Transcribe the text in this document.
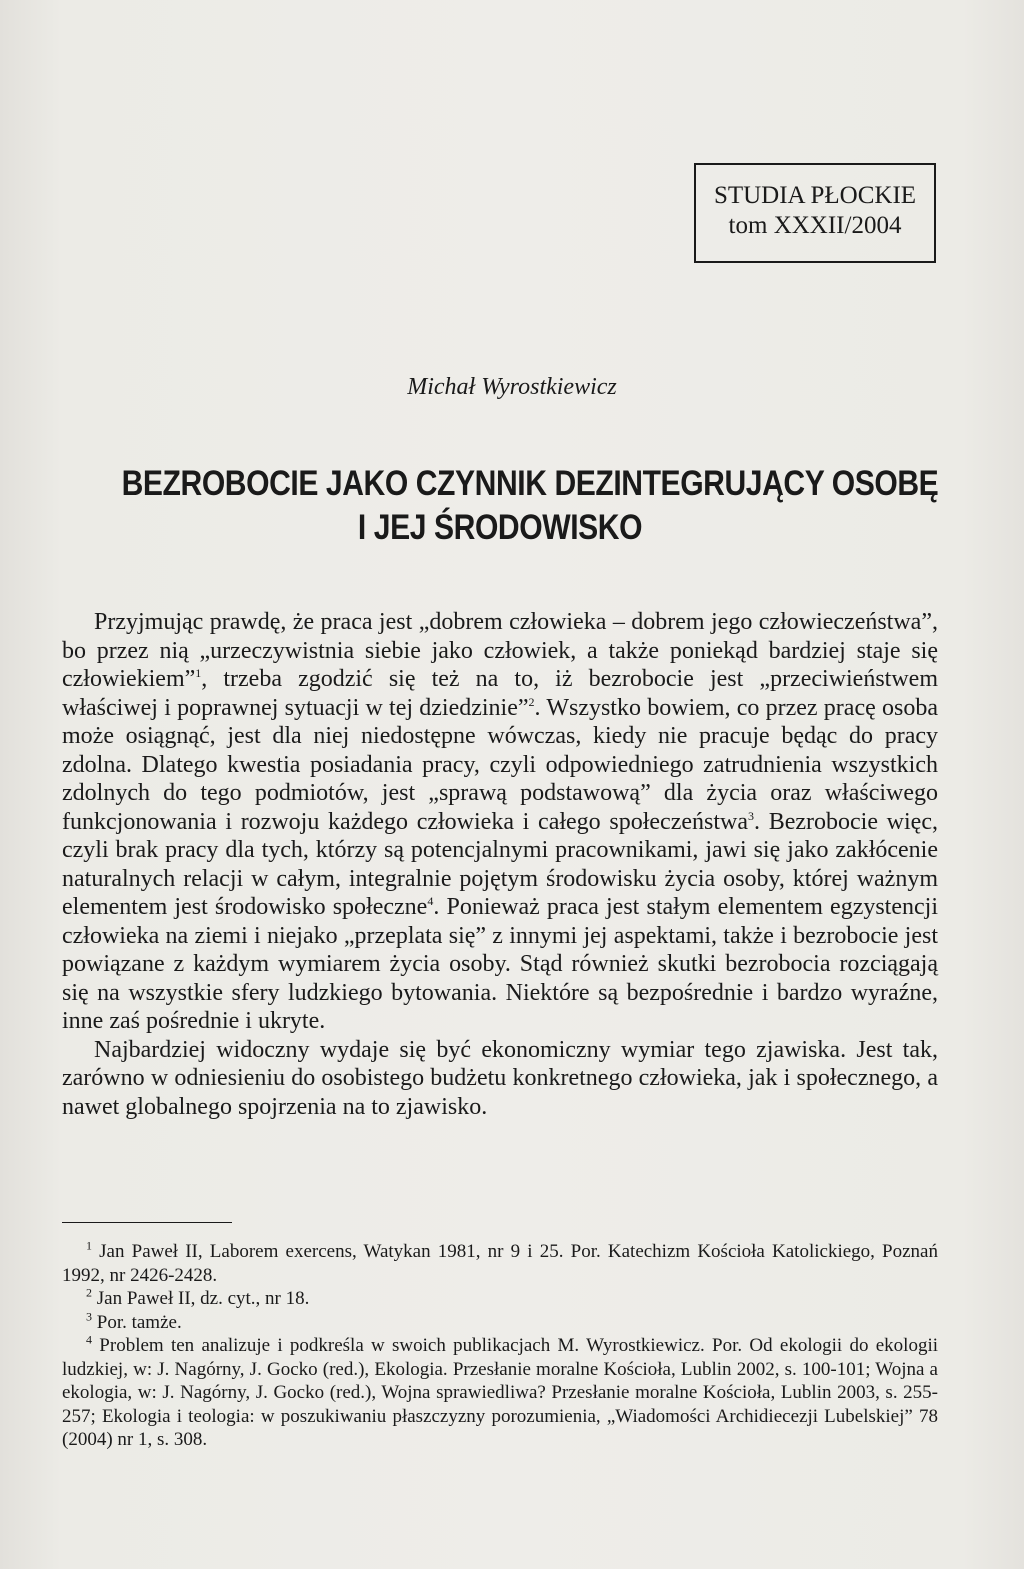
STUDIA PŁOCKIE
tom XXXII/2004
Michał Wyrostkiewicz
BEZROBOCIE JAKO CZYNNIK DEZINTEGRUJĄCY OSOBĘ
I JEJ ŚRODOWISKO

Przyjmując prawdę, że praca jest „dobrem człowieka – dobrem jego człowieczeństwa”, bo przez nią „urzeczywistnia siebie jako człowiek, a także poniekąd bardziej staje się człowiekiem”$^1$, trzeba zgodzić się też na to, iż bezrobocie jest „przeciwieństwem właściwej i poprawnej sytuacji w tej dziedzinie”$^2$. Wszystko bowiem, co przez pracę osoba może osiągnąć, jest dla niej niedostępne wówczas, kiedy nie pracuje będąc do pracy zdolna. Dlatego kwestia posiadania pracy, czyli odpowiedniego zatrudnienia wszystkich zdolnych do tego podmiotów, jest „sprawą podstawową” dla życia oraz właściwego funkcjonowania i rozwoju każdego człowieka i całego społeczeństwa$^3$. Bezrobocie więc, czyli brak pracy dla tych, którzy są potencjalnymi pracownikami, jawi się jako zakłócenie naturalnych relacji w całym, integralnie pojętym środowisku życia osoby, której ważnym elementem jest środowisko społeczne$^4$. Ponieważ praca jest stałym elementem egzystencji człowieka na ziemi i niejako „przeplata się” z innymi jej aspektami, także i bezrobocie jest powiązane z każdym wymiarem życia osoby. Stąd również skutki bezrobocia rozciągają się na wszystkie sfery ludzkiego bytowania. Niektóre są bezpośrednie i bardzo wyraźne, inne zaś pośrednie i ukryte.

Najbardziej widoczny wydaje się być ekonomiczny wymiar tego zjawiska. Jest tak, zarówno w odniesieniu do osobistego budżetu konkretnego człowieka, jak i społecznego, a nawet globalnego spojrzenia na to zjawisko.

$^1$ Jan Paweł II, Laborem exercens, Watykan 1981, nr 9 i 25. Por. Katechizm Kościoła Katolickiego, Poznań 1992, nr 2426-2428.

$^2$ Jan Paweł II, dz. cyt., nr 18.

$^3$ Por. tamże.

$^4$ Problem ten analizuje i podkreśla w swoich publikacjach M. Wyrostkiewicz. Por. Od ekologii do ekologii ludzkiej, w: J. Nagórny, J. Gocko (red.), Ekologia. Przesłanie moralne Kościoła, Lublin 2002, s. 100-101; Wojna a ekologia, w: J. Nagórny, J. Gocko (red.), Wojna sprawiedliwa? Przesłanie moralne Kościoła, Lublin 2003, s. 255-257; Ekologia i teologia: w poszukiwaniu płaszczyzny porozumienia, „Wiadomości Archidiecezji Lubelskiej” 78 (2004) nr 1, s. 308.
